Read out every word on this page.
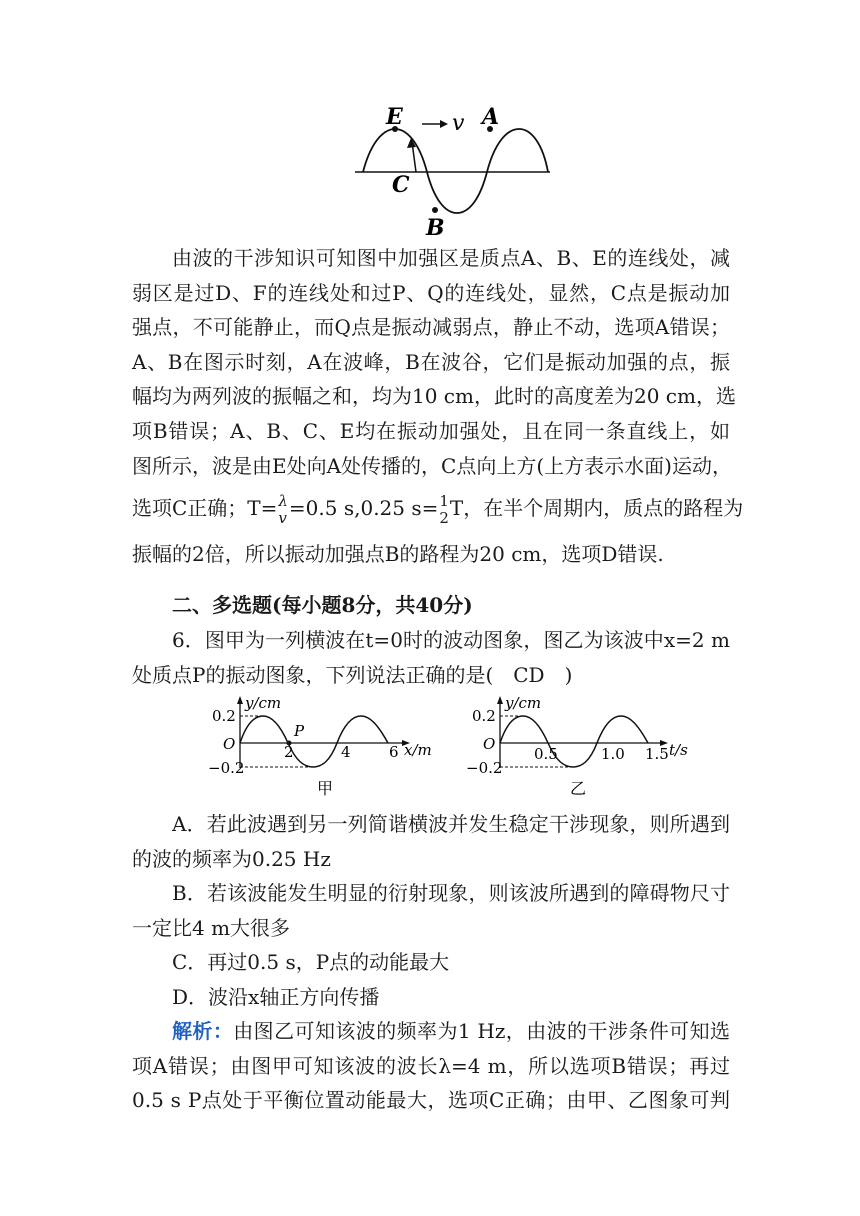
E	A
C
B
v
由波的干涉知识可知图中加强区是质点A、B、E的连线处，减
弱区是过D、F的连线处和过P、Q的连线处，显然，C点是振动加
强点，不可能静止，而Q点是振动减弱点，静止不动，选项A错误；
A、B在图示时刻，A在波峰，B在波谷，它们是振动加强的点，振
幅均为两列波的振幅之和，均为10 cm，此时的高度差为20 cm，选
项B错误；A、B、C、E均在振动加强处，且在同一条直线上，如
图所示，波是由E处向A处传播的，C点向上方(上方表示水面)运动，
选项C正确；T= λ
v =0.5 s,0.25 s= 1
2 T，在半个周期内，质点的路程为
振幅的2倍，所以振动加强点B的路程为20 cm，选项D错误.
二、多选题(每小题8分，共40分)
6．图甲为一列横波在t=0时的波动图象，图乙为该波中x=2 m
处质点P的振动图象，下列说法正确的是(　CD　)
y/cm
0.2
−0.2
O
P
2	4	6 x/m
甲
y/cm
0.2
−0.2
O
0.5	1.0 1.5 t/s
乙
A．若此波遇到另一列简谐横波并发生稳定干涉现象，则所遇到
的波的频率为0.25 Hz
B．若该波能发生明显的衍射现象，则该波所遇到的障碍物尺寸
一定比4 m大很多
C．再过0.5 s，P点的动能最大
D．波沿x轴正方向传播
解析：由图乙可知该波的频率为1 Hz，由波的干涉条件可知选
项A错误；由图甲可知该波的波长λ=4 m，所以选项B错误；再过
0.5 s P点处于平衡位置动能最大，选项C正确；由甲、乙图象可判
